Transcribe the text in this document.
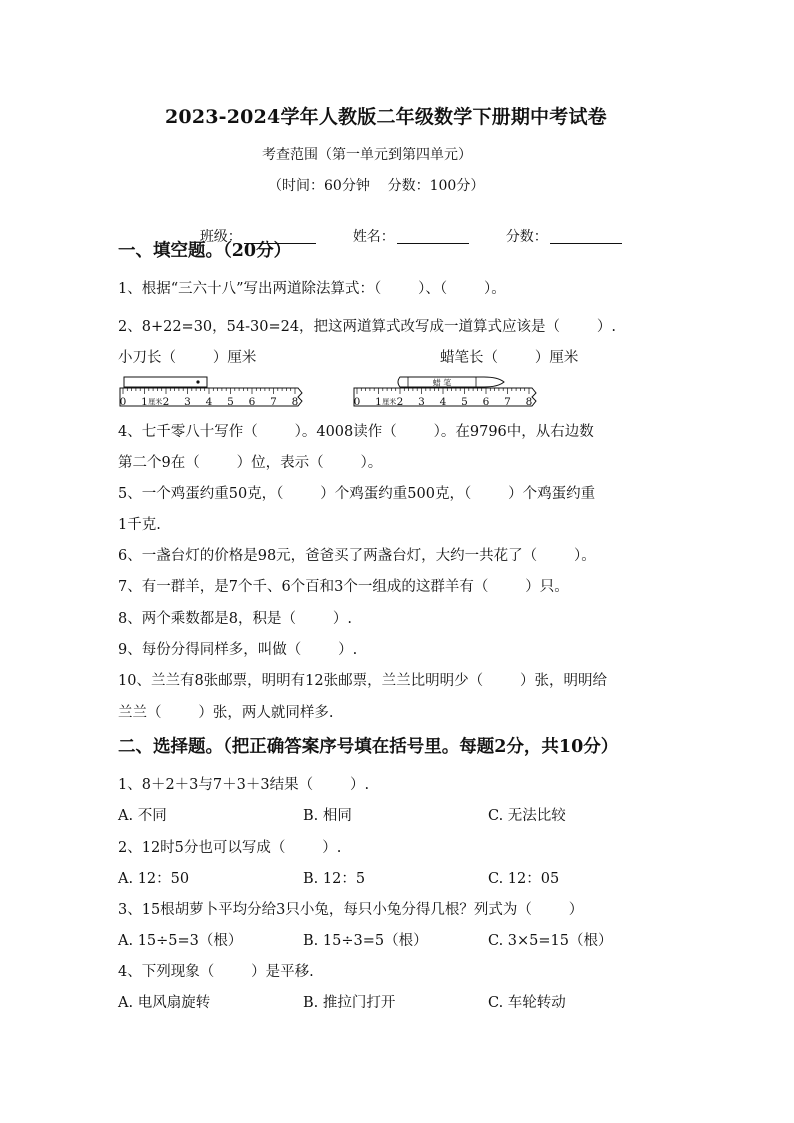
2023-2024学年人教版二年级数学下册期中考试卷
考查范围（第一单元到第四单元）
（时间：60分钟    分数：100分）

班级：
	姓名：
	分数：

一、填空题。（20分）
1、根据“三六十八”写出两道除法算式：（        ）、（        ）。
2、8+22=30，54-30=24，把这两道算式改写成一道算式应该是（        ）.
小刀长（        ）厘米	蜡笔长（        ）厘米
0 1 2 3 4 5 6 7 8
厘米
蜡 笔
0 1 2 3 4 5 6 7 8
厘米
4、七千零八十写作（        ）。4008读作（        ）。在9796中，从右边数
第二个9在（        ）位，表示（        ）。
5、一个鸡蛋约重50克，（        ）个鸡蛋约重500克，（        ）个鸡蛋约重
1千克.
6、一盏台灯的价格是98元，爸爸买了两盏台灯，大约一共花了（        ）。
7、有一群羊，是7个千、6个百和3个一组成的这群羊有（        ）只。
8、两个乘数都是8，积是（        ）.
9、每份分得同样多，叫做（        ）.
10、兰兰有8张邮票，明明有12张邮票，兰兰比明明少（        ）张，明明给
兰兰（        ）张，两人就同样多.
二、选择题。（把正确答案序号填在括号里。每题2分，共10分）
1、8＋2＋3与7＋3＋3结果（        ）.
A. 不同	B. 相同	C. 无法比较
2、12时5分也可以写成（        ）.
A. 12：50	B. 12：5	C. 12：05
3、15根胡萝卜平均分给3只小兔，每只小兔分得几根？列式为（        ）
A. 15÷5=3（根）	B. 15÷3=5（根）	C. 3×5=15（根）
4、下列现象（        ）是平移.
A. 电风扇旋转	B. 推拉门打开	C. 车轮转动
